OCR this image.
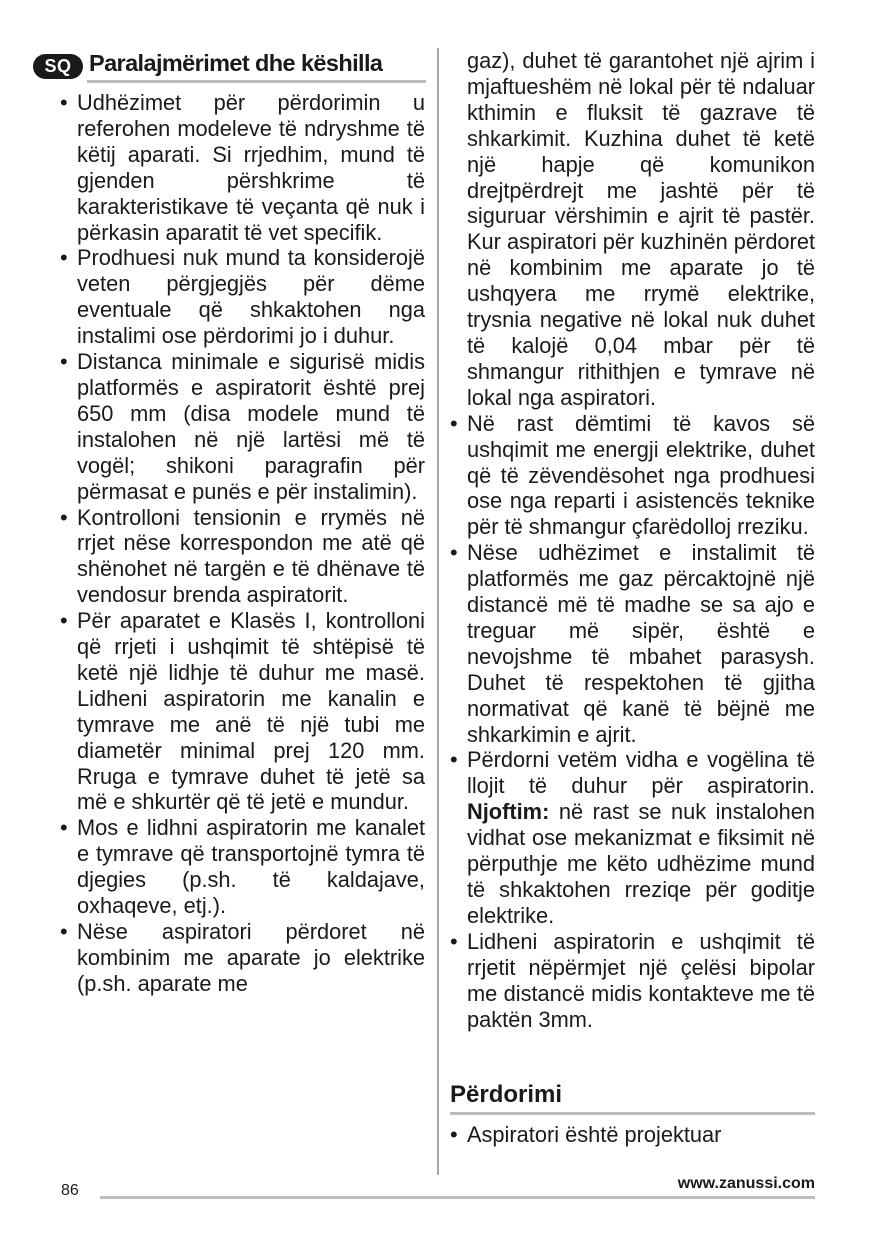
SQ Paralajmërimet dhe këshilla
• Udhëzimet për përdorimin u referohen modeleve të ndryshme të këtij aparati. Si rrjedhim, mund të gjenden përshkrime të karakteristikave të veçanta që nuk i përkasin aparatit të vet specifik.
• Prodhuesi nuk mund ta konsiderojë veten përgjegjës për dëme eventuale që shkaktohen nga instalimi ose përdorimi jo i duhur.
• Distanca minimale e sigurisë midis platformës e aspiratorit është prej 650 mm (disa modele mund të instalohen në një lartësi më të vogël; shikoni paragrafin për përmasat e punës e për instalimin).
• Kontrolloni tensionin e rrymës në rrjet nëse korrespondon me atë që shënohet në targën e të dhënave të vendosur brenda aspiratorit.
• Për aparatet e Klasës I, kontrolloni që rrjeti i ushqimit të shtëpisë të ketë një lidhje të duhur me masë. Lidheni aspiratorin me kanalin e tymrave me anë të një tubi me diametër minimal prej 120 mm. Rruga e tymrave duhet të jetë sa më e shkurtër që të jetë e mundur.
• Mos e lidhni aspiratorin me kanalet e tymrave që transportojnë tymra të djegies (p.sh. të kaldajave, oxhaqeve, etj.).
• Nëse aspiratori përdoret në kombinim me aparate jo elektrike (p.sh. aparate me
gaz), duhet të garantohet një ajrim i mjaftueshëm në lokal për të ndaluar kthimin e fluksit të gazrave të shkarkimit. Kuzhina duhet të ketë një hapje që komunikon drejtpërdrejt me jashtë për të siguruar vërshimin e ajrit të pastër. Kur aspiratori për kuzhinën përdoret në kombinim me aparate jo të ushqyera me rrymë elektrike, trysnia negative në lokal nuk duhet të kalojë 0,04 mbar për të shmangur rithithjen e tymrave në lokal nga aspiratori.
• Në rast dëmtimi të kavos së ushqimit me energji elektrike, duhet që të zëvendësohet nga prodhuesi ose nga reparti i asistencës teknike për të shmangur çfarëdolloj rreziku.
• Nëse udhëzimet e instalimit të platformës me gaz përcaktojnë një distancë më të madhe se sa ajo e treguar më sipër, është e nevojshme të mbahet parasysh. Duhet të respektohen të gjitha normativat që kanë të bëjnë me shkarkimin e ajrit.
• Përdorni vetëm vidha e vogëlina të llojit të duhur për aspiratorin. Njoftim: në rast se nuk instalohen vidhat ose mekanizmat e fiksimit në përputhje me këto udhëzime mund të shkaktohen rreziqe për goditje elektrike.
• Lidheni aspiratorin e ushqimit të rrjetit nëpërmjet një çelësi bipolar me distancë midis kontakteve me të paktën 3mm.
Përdorimi
• Aspiratori është projektuar
86	www.zanussi.com
